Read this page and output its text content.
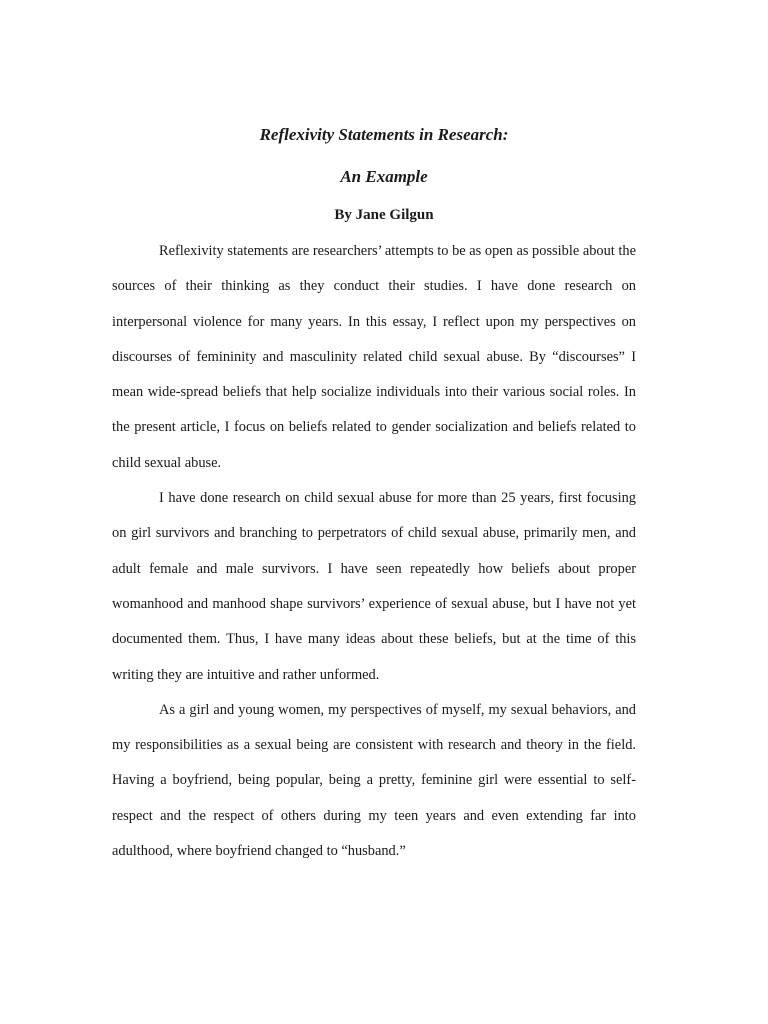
Reflexivity Statements in Research:
An Example
By Jane Gilgun

Reflexivity statements are researchers’ attempts to be as open as possible about the sources of their thinking as they conduct their studies. I have done research on interpersonal violence for many years. In this essay, I reflect upon my perspectives on discourses of femininity and masculinity related child sexual abuse. By “discourses” I mean wide-spread beliefs that help socialize individuals into their various social roles. In the present article, I focus on beliefs related to gender socialization and beliefs related to child sexual abuse.

I have done research on child sexual abuse for more than 25 years, first focusing on girl survivors and branching to perpetrators of child sexual abuse, primarily men, and adult female and male survivors. I have seen repeatedly how beliefs about proper womanhood and manhood shape survivors’ experience of sexual abuse, but I have not yet documented them. Thus, I have many ideas about these beliefs, but at the time of this writing they are intuitive and rather unformed.

As a girl and young women, my perspectives of myself, my sexual behaviors, and my responsibilities as a sexual being are consistent with research and theory in the field. Having a boyfriend, being popular, being a pretty, feminine girl were essential to self-respect and the respect of others during my teen years and even extending far into adulthood, where boyfriend changed to “husband.”
